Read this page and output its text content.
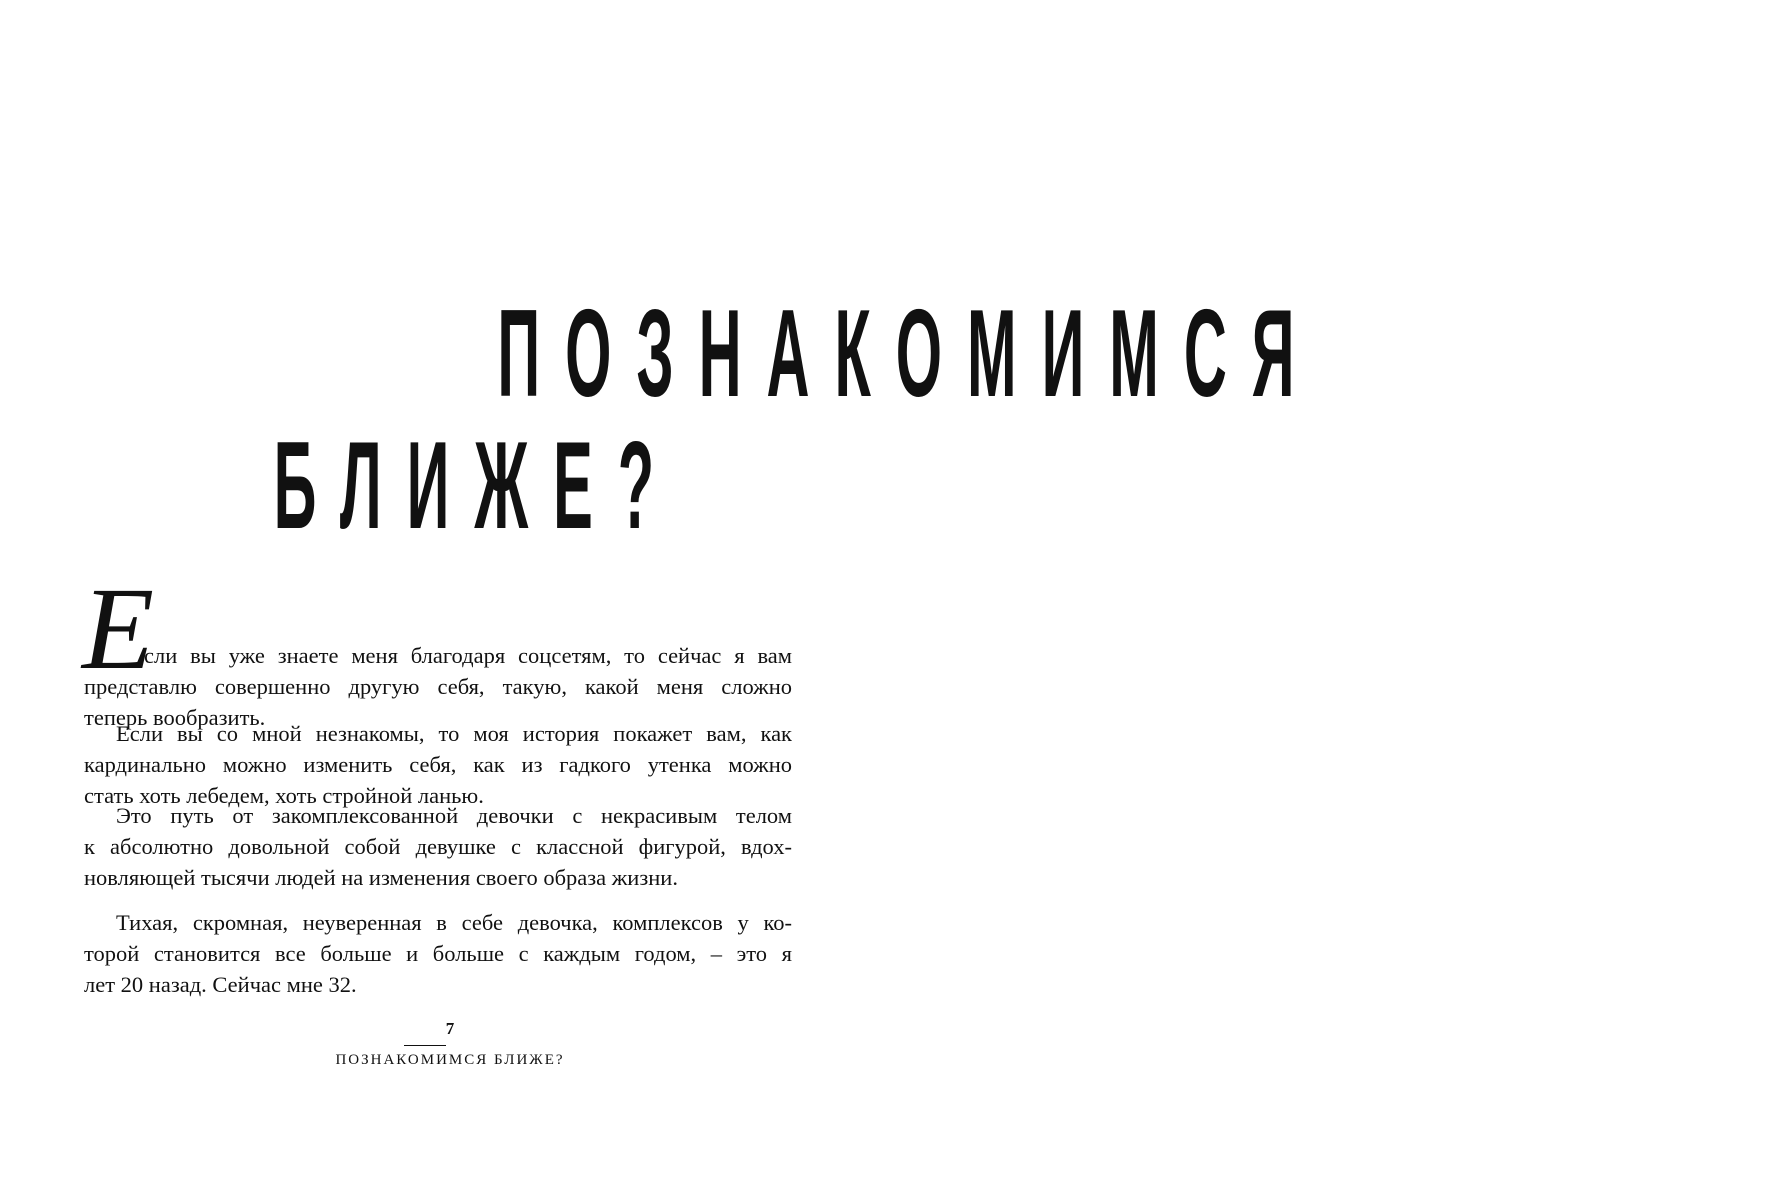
ПОЗНАКОМИМСЯ
БЛИЖЕ?
Е

сли вы уже знаете меня благодаря соцсетям, то сейчас я вам
представлю совершенно другую себя, такую, какой меня сложно
теперь вообразить.

Если вы со мной незнакомы, то моя история покажет вам, как
кардинально можно изменить себя, как из гадкого утенка можно
стать хоть лебедем, хоть стройной ланью.

Это путь от закомплексованной девочки с некрасивым телом
к абсолютно довольной собой девушке с классной фигурой, вдох-
новляющей тысячи людей на изменения своего образа жизни.

Тихая, скромная, неуверенная в себе девочка, комплексов у ко-
торой становится все больше и больше с каждым годом, – это я
лет 20 назад. Сейчас мне 32.

7
ПОЗНАКОМИМСЯ БЛИЖЕ?
